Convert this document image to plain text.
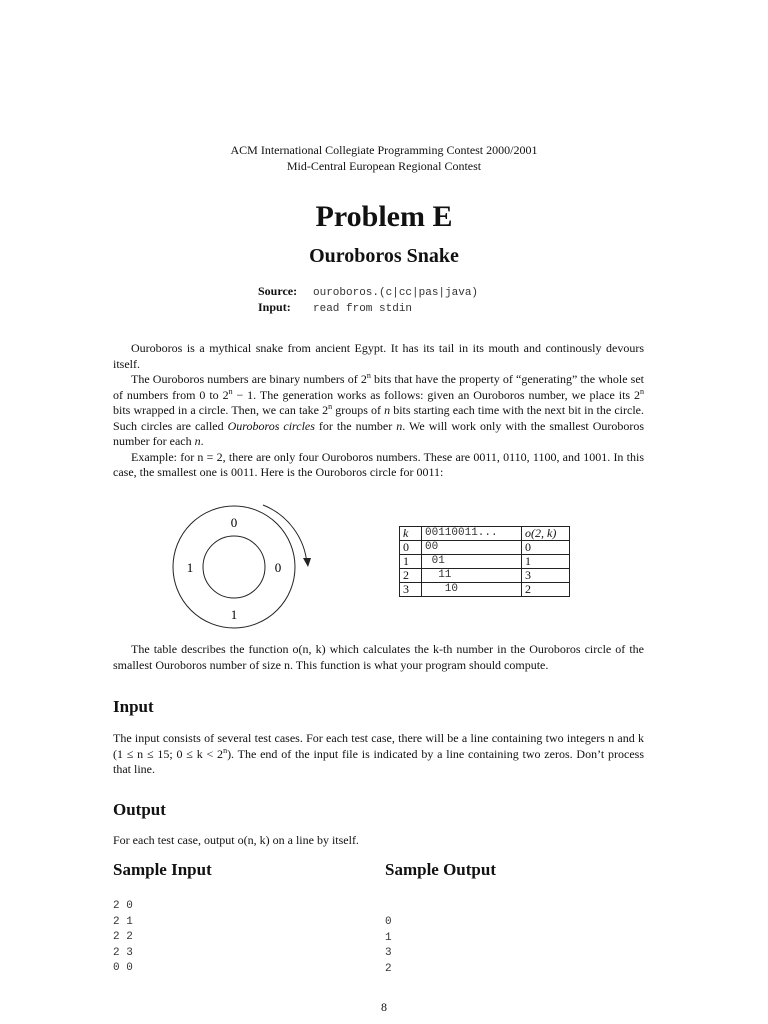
ACM International Collegiate Programming Contest 2000/2001
Mid-Central European Regional Contest
Problem E
Ouroboros Snake
Source: ouroboros.(c|cc|pas|java)
Input: read from stdin

Ouroboros is a mythical snake from ancient Egypt. It has its tail in its mouth and continously devours itself.

The Ouroboros numbers are binary numbers of 2$^n$ bits that have the property of “generating” the whole set of numbers from 0 to $2^n - 1$. The generation works as follows: given an Ouroboros number, we place its 2$^n$ bits wrapped in a circle. Then, we can take 2$^n$ groups of n bits starting each time with the next bit in the circle. Such circles are called Ouroboros circles for the number n. We will work only with the smallest Ouroboros number for each n.

Example: for n = 2, there are only four Ouroboros numbers. These are 0011, 0110, 1100, and 1001. In this case, the smallest one is 0011. Here is the Ouroboros circle for 0011:

0
0
1
1
k	00110011...	o(2, k)
0	00	0
1	01	1
2	11	3
3	10	2

The table describes the function o(n, k) which calculates the k-th number in the Ouroboros circle of the smallest Ouroboros number of size n. This function is what your program should compute.

Input

The input consists of several test cases. For each test case, there will be a line containing two integers n and k (1 ≤ n ≤ 15; $0 \le k < 2^n$). The end of the input file is indicated by a line containing two zeros. Don’t process that line.

Output

For each test case, output o(n, k) on a line by itself.

Sample Input	Sample Output
2 0
2 1
2 2
2 3
0 0
0
1
3
2
8
